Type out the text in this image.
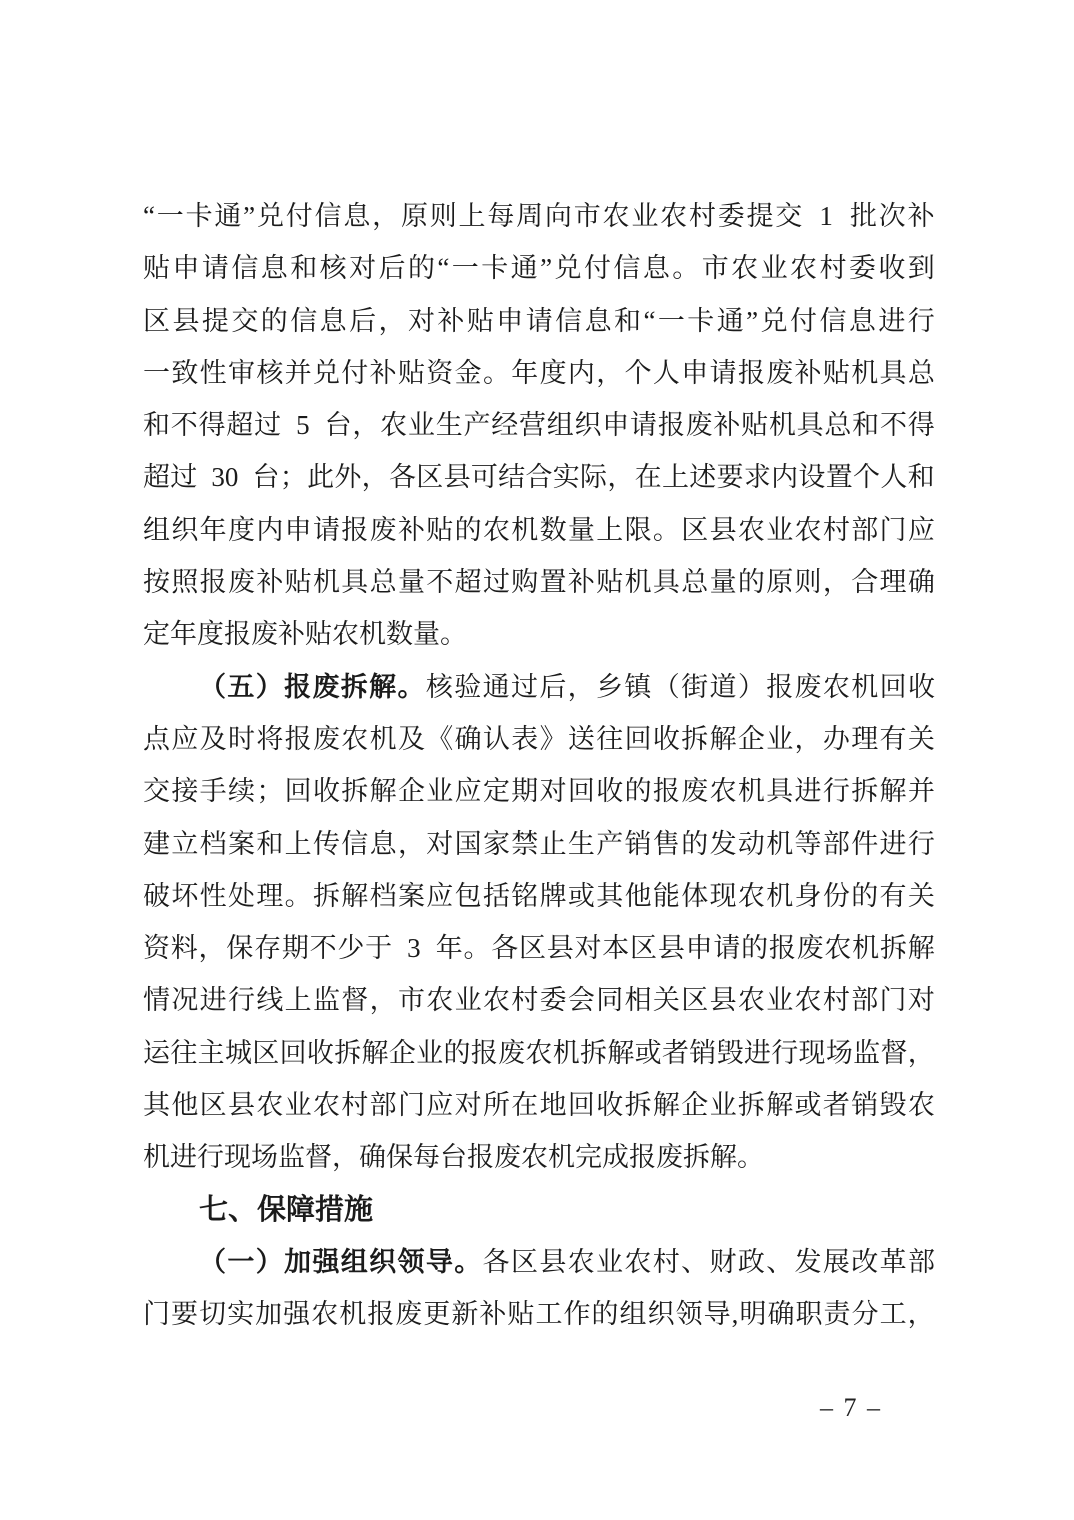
“ 一 卡 通 ” 兑 付 信 息 ， 原 则 上 每 周 向 市 农 业 农 村 委 提 交
1
批 次 补
贴 申 请 信 息 和 核 对 后 的 “ 一 卡 通 ” 兑 付 信 息 。 市 农 业 农 村 委 收 到
区 县 提 交 的 信 息 后 ， 对 补 贴 申 请 信 息 和 “ 一 卡 通 ” 兑 付 信 息 进 行
一 致 性 审 核 并 兑 付 补 贴 资 金 。 年 度 内 ， 个 人 申 请 报 废 补 贴 机 具 总
和 不 得 超 过
5
台 ， 农 业 生 产 经 营 组 织 申 请 报 废 补 贴 机 具 总 和 不 得
超 过
30
台 ； 此 外 ， 各 区 县 可 结 合 实 际 ， 在 上 述 要 求 内 设 置 个 人 和
组 织 年 度 内 申 请 报 废 补 贴 的 农 机 数 量 上 限 。 区 县 农 业 农 村 部 门 应
按 照 报 废 补 贴 机 具 总 量 不 超 过 购 置 补 贴 机 具 总 量 的 原 则 ， 合 理 确
定年度报废补贴农机数量。
（ 五 ） 报 废 拆 解 。 核 验 通 过 后 ， 乡 镇 （ 街 道 ） 报 废 农 机 回 收
点 应 及 时 将 报 废 农 机 及 《 确 认 表 》 送 往 回 收 拆 解 企 业 ， 办 理 有 关
交 接 手 续 ； 回 收 拆 解 企 业 应 定 期 对 回 收 的 报 废 农 机 具 进 行 拆 解 并
建 立 档 案 和 上 传 信 息 ， 对 国 家 禁 止 生 产 销 售 的 发 动 机 等 部 件 进 行
破 坏 性 处 理 。 拆 解 档 案 应 包 括 铭 牌 或 其 他 能 体 现 农 机 身 份 的 有 关
资 料 ， 保 存 期 不 少 于
3
年 。 各 区 县 对 本 区 县 申 请 的 报 废 农 机 拆 解
情 况 进 行 线 上 监 督 ， 市 农 业 农 村 委 会 同 相 关 区 县 农 业 农 村 部 门 对
运 往 主 城 区 回 收 拆 解 企 业 的 报 废 农 机 拆 解 或 者 销 毁 进 行 现 场 监 督 ，
其 他 区 县 农 业 农 村 部 门 应 对 所 在 地 回 收 拆 解 企 业 拆 解 或 者 销 毁 农
机进行现场监督，确保每台报废农机完成报废拆解。
七、保障措施
（ 一 ） 加 强 组 织 领 导 。 各 区 县 农 业 农 村 、 财 政 、 发 展 改 革 部
门 要 切 实 加 强 农 机 报 废 更 新 补 贴 工 作 的 组 织 领 导 , 明 确 职 责 分 工 ，
– 7 –
